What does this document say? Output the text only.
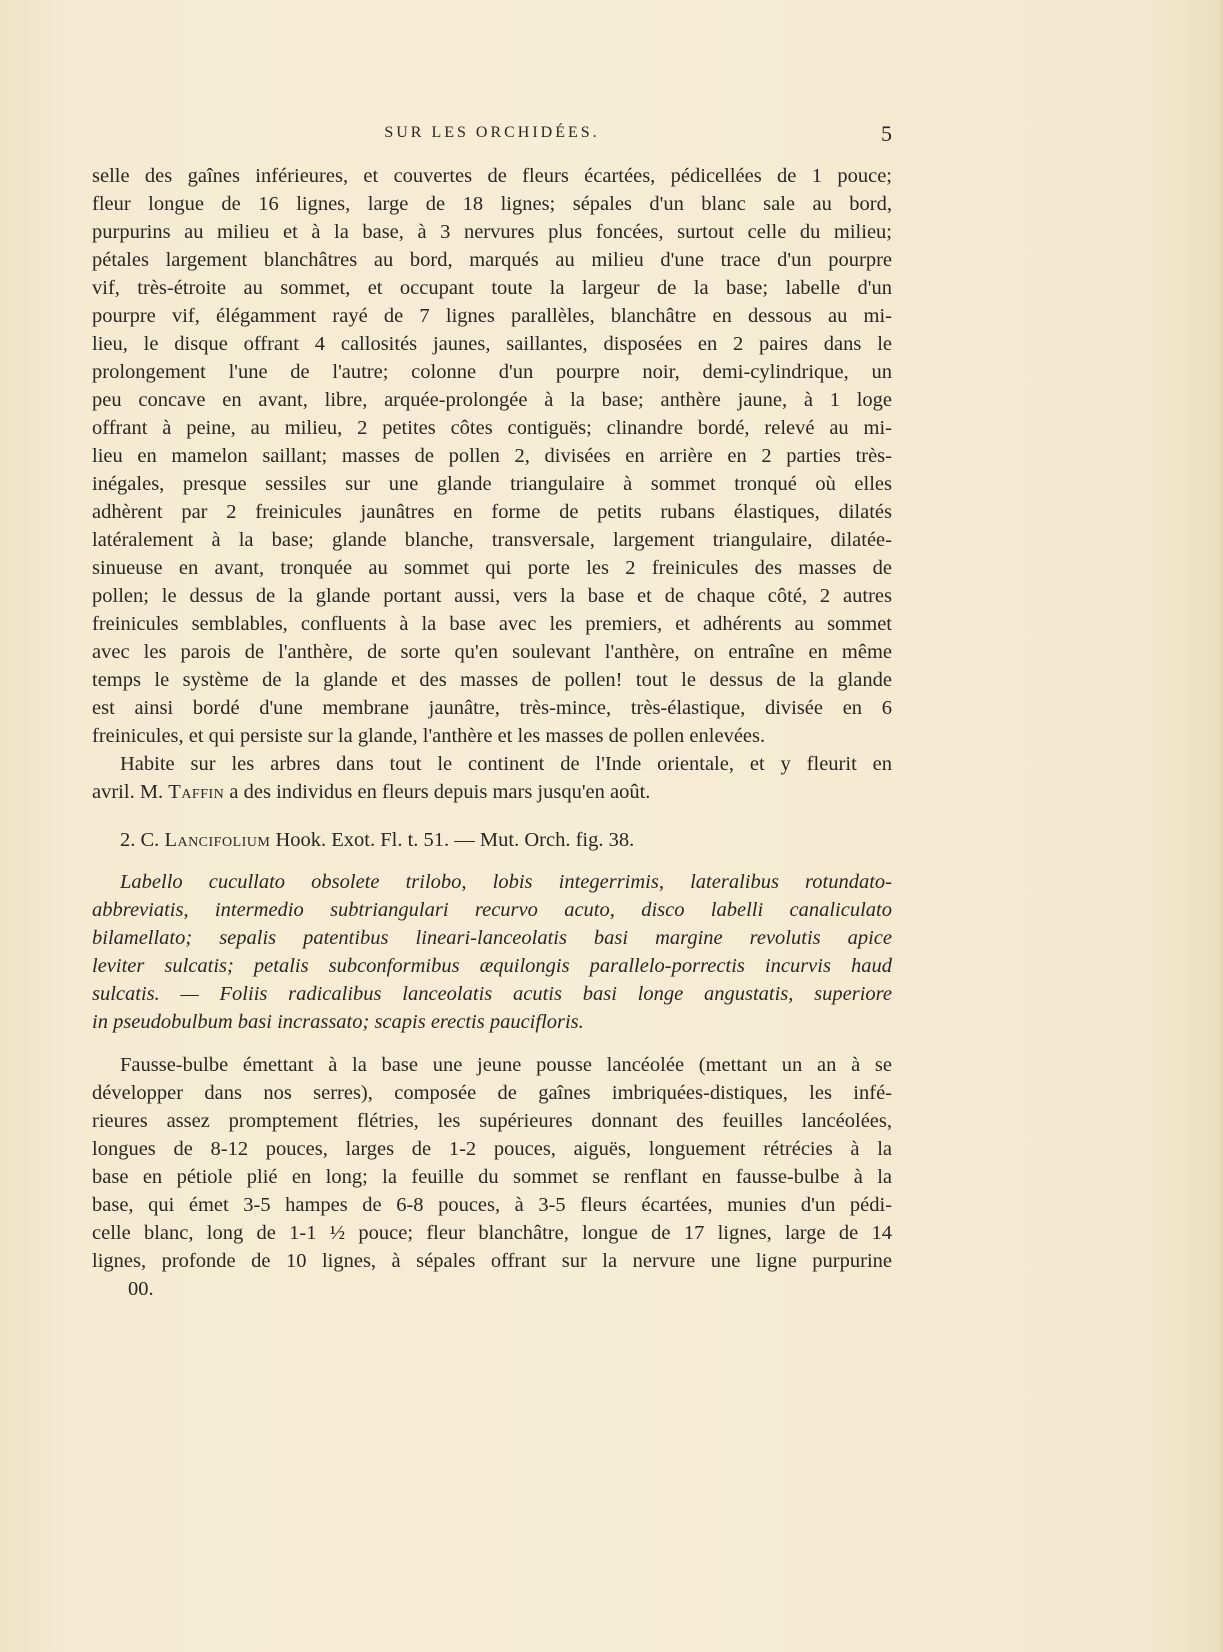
SUR LES ORCHIDÉES.	5
selle des gaînes inférieures, et couvertes de fleurs écartées, pédicellées de 1 pouce;
fleur longue de 16 lignes, large de 18 lignes; sépales d'un blanc sale au bord,
purpurins au milieu et à la base, à 3 nervures plus foncées, surtout celle du milieu;
pétales largement blanchâtres au bord, marqués au milieu d'une trace d'un pourpre
vif, très-étroite au sommet, et occupant toute la largeur de la base; labelle d'un
pourpre vif, élégamment rayé de 7 lignes parallèles, blanchâtre en dessous au mi-
lieu, le disque offrant 4 callosités jaunes, saillantes, disposées en 2 paires dans le
prolongement l'une de l'autre; colonne d'un pourpre noir, demi-cylindrique, un
peu concave en avant, libre, arquée-prolongée à la base; anthère jaune, à 1 loge
offrant à peine, au milieu, 2 petites côtes contiguës; clinandre bordé, relevé au mi-
lieu en mamelon saillant; masses de pollen 2, divisées en arrière en 2 parties très-
inégales, presque sessiles sur une glande triangulaire à sommet tronqué où elles
adhèrent par 2 freinicules jaunâtres en forme de petits rubans élastiques, dilatés
latéralement à la base; glande blanche, transversale, largement triangulaire, dilatée-
sinueuse en avant, tronquée au sommet qui porte les 2 freinicules des masses de
pollen; le dessus de la glande portant aussi, vers la base et de chaque côté, 2 autres
freinicules semblables, confluents à la base avec les premiers, et adhérents au sommet
avec les parois de l'anthère, de sorte qu'en soulevant l'anthère, on entraîne en même
temps le système de la glande et des masses de pollen! tout le dessus de la glande
est ainsi bordé d'une membrane jaunâtre, très-mince, très-élastique, divisée en 6
freinicules, et qui persiste sur la glande, l'anthère et les masses de pollen enlevées.
Habite sur les arbres dans tout le continent de l'Inde orientale, et y fleurit en
avril. M. Taffin a des individus en fleurs depuis mars jusqu'en août.
2. C. Lancifolium Hook. Exot. Fl. t. 51. — Mut. Orch. fig. 38.
Labello cucullato obsolete trilobo, lobis integerrimis, lateralibus rotundato-
abbreviatis, intermedio subtriangulari recurvo acuto, disco labelli canaliculato
bilamellato; sepalis patentibus lineari-lanceolatis basi margine revolutis apice
leviter sulcatis; petalis subconformibus æquilongis parallelo-porrectis incurvis haud
sulcatis. — Foliis radicalibus lanceolatis acutis basi longe angustatis, superiore
in pseudobulbum basi incrassato; scapis erectis paucifloris.
Fausse-bulbe émettant à la base une jeune pousse lancéolée (mettant un an à se
développer dans nos serres), composée de gaînes imbriquées-distiques, les infé-
rieures assez promptement flétries, les supérieures donnant des feuilles lancéolées,
longues de 8-12 pouces, larges de 1-2 pouces, aiguës, longuement rétrécies à la
base en pétiole plié en long; la feuille du sommet se renflant en fausse-bulbe à la
base, qui émet 3-5 hampes de 6-8 pouces, à 3-5 fleurs écartées, munies d'un pédi-
celle blanc, long de 1-1 ½ pouce; fleur blanchâtre, longue de 17 lignes, large de 14
lignes, profonde de 10 lignes, à sépales offrant sur la nervure une ligne purpurine
00.
